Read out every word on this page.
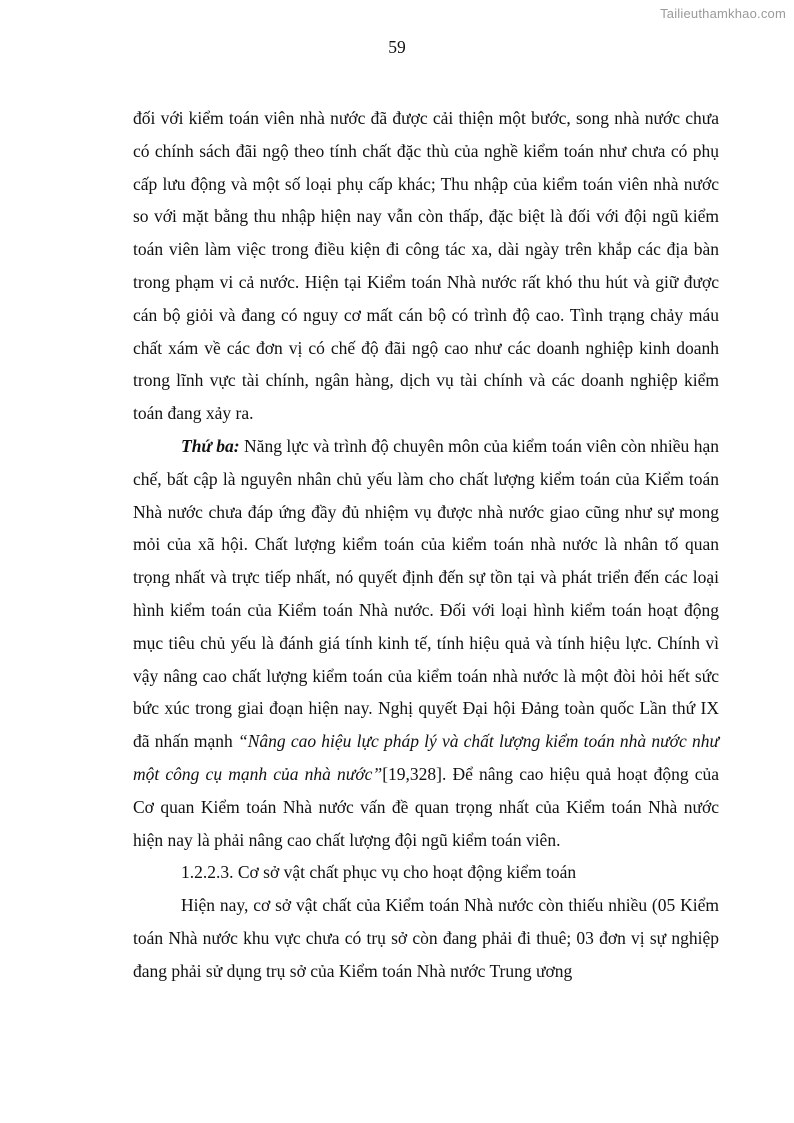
Tailieuthamkhao.com
59

đối với kiểm toán viên nhà nước đã được cải thiện một bước, song nhà nước chưa có chính sách đãi ngộ theo tính chất đặc thù của nghề kiểm toán như chưa có phụ cấp lưu động và một số loại phụ cấp khác; Thu nhập của kiểm toán viên nhà nước so với mặt bằng thu nhập hiện nay vẫn còn thấp, đặc biệt là đối với đội ngũ kiểm toán viên làm việc trong điều kiện đi công tác xa, dài ngày trên khắp các địa bàn trong phạm vi cả nước. Hiện tại Kiểm toán Nhà nước rất khó thu hút và giữ được cán bộ giỏi và đang có nguy cơ mất cán bộ có trình độ cao. Tình trạng chảy máu chất xám về các đơn vị có chế độ đãi ngộ cao như các doanh nghiệp kinh doanh trong lĩnh vực tài chính, ngân hàng, dịch vụ tài chính và các doanh nghiệp kiểm toán đang xảy ra.

Thứ ba: Năng lực và trình độ chuyên môn của kiểm toán viên còn nhiều hạn chế, bất cập là nguyên nhân chủ yếu làm cho chất lượng kiểm toán của Kiểm toán Nhà nước chưa đáp ứng đầy đủ nhiệm vụ được nhà nước giao cũng như sự mong mỏi của xã hội. Chất lượng kiểm toán của kiểm toán nhà nước là nhân tố quan trọng nhất và trực tiếp nhất, nó quyết định đến sự tồn tại và phát triển đến các loại hình kiểm toán của Kiểm toán Nhà nước. Đối với loại hình kiểm toán hoạt động mục tiêu chủ yếu là đánh giá tính kinh tế, tính hiệu quả và tính hiệu lực. Chính vì vậy nâng cao chất lượng kiểm toán của kiểm toán nhà nước là một đòi hỏi hết sức bức xúc trong giai đoạn hiện nay. Nghị quyết Đại hội Đảng toàn quốc Lần thứ IX đã nhấn mạnh “Nâng cao hiệu lực pháp lý và chất lượng kiểm toán nhà nước như một công cụ mạnh của nhà nước”[19,328]. Để nâng cao hiệu quả hoạt động của Cơ quan Kiểm toán Nhà nước vấn đề quan trọng nhất của Kiểm toán Nhà nước hiện nay là phải nâng cao chất lượng đội ngũ kiểm toán viên.

1.2.2.3. Cơ sở vật chất phục vụ cho hoạt động kiểm toán

Hiện nay, cơ sở vật chất của Kiểm toán Nhà nước còn thiếu nhiều (05 Kiểm toán Nhà nước khu vực chưa có trụ sở còn đang phải đi thuê; 03 đơn vị sự nghiệp đang phải sử dụng trụ sở của Kiểm toán Nhà nước Trung ương
